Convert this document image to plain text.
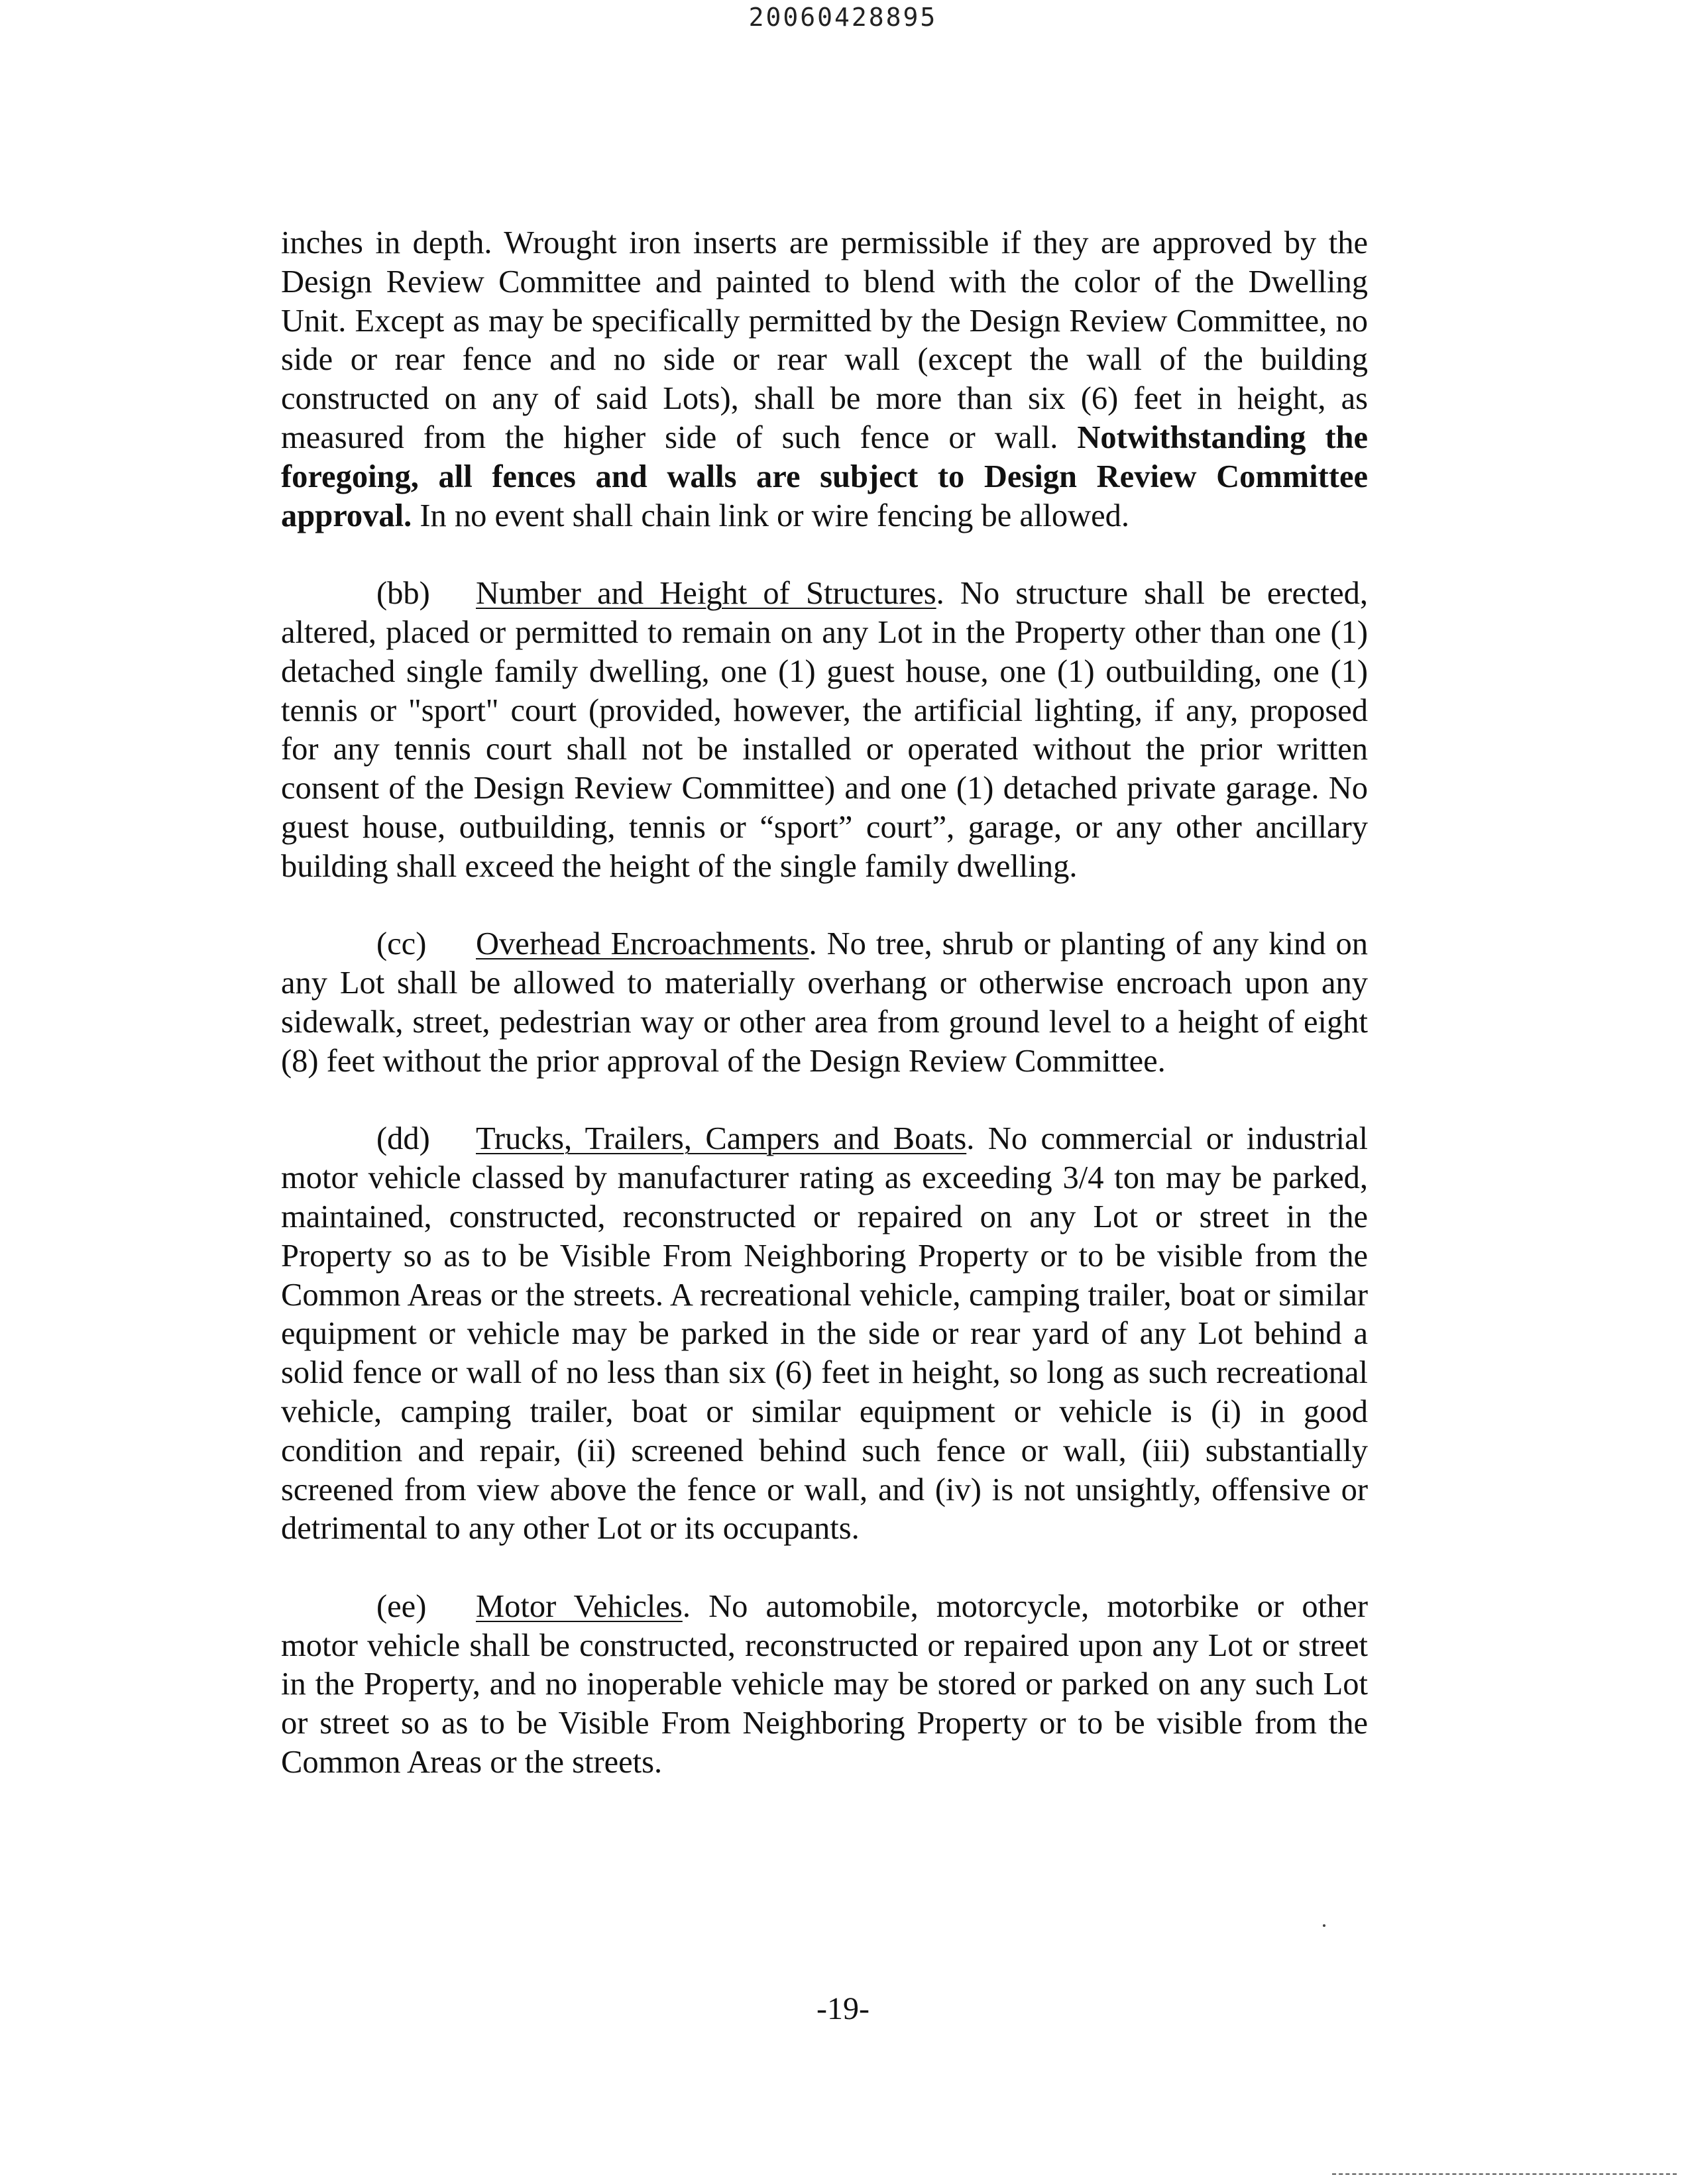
20060428895

inches in depth. Wrought iron inserts are permissible if they are approved by the Design Review Committee and painted to blend with the color of the Dwelling Unit. Except as may be specifically permitted by the Design Review Committee, no side or rear fence and no side or rear wall (except the wall of the building constructed on any of said Lots), shall be more than six (6) feet in height, as measured from the higher side of such fence or wall. Notwithstanding the foregoing, all fences and walls are subject to Design Review Committee approval. In no event shall chain link or wire fencing be allowed.

(bb) Number and Height of Structures. No structure shall be erected, altered, placed or permitted to remain on any Lot in the Property other than one (1) detached single family dwelling, one (1) guest house, one (1) outbuilding, one (1) tennis or "sport" court (provided, however, the artificial lighting, if any, proposed for any tennis court shall not be installed or operated without the prior written consent of the Design Review Committee) and one (1) detached private garage. No guest house, outbuilding, tennis or “sport” court”, garage, or any other ancillary building shall exceed the height of the single family dwelling.

(cc) Overhead Encroachments. No tree, shrub or planting of any kind on any Lot shall be allowed to materially overhang or otherwise encroach upon any sidewalk, street, pedestrian way or other area from ground level to a height of eight (8) feet without the prior approval of the Design Review Committee.

(dd) Trucks, Trailers, Campers and Boats. No commercial or industrial motor vehicle classed by manufacturer rating as exceeding 3/4 ton may be parked, maintained, constructed, reconstructed or repaired on any Lot or street in the Property so as to be Visible From Neighboring Property or to be visible from the Common Areas or the streets. A recreational vehicle, camping trailer, boat or similar equipment or vehicle may be parked in the side or rear yard of any Lot behind a solid fence or wall of no less than six (6) feet in height, so long as such recreational vehicle, camping trailer, boat or similar equipment or vehicle is (i) in good condition and repair, (ii) screened behind such fence or wall, (iii) substantially screened from view above the fence or wall, and (iv) is not unsightly, offensive or detrimental to any other Lot or its occupants.

(ee) Motor Vehicles. No automobile, motorcycle, motorbike or other motor vehicle shall be constructed, reconstructed or repaired upon any Lot or street in the Property, and no inoperable vehicle may be stored or parked on any such Lot or street so as to be Visible From Neighboring Property or to be visible from the Common Areas or the streets.

-19-
